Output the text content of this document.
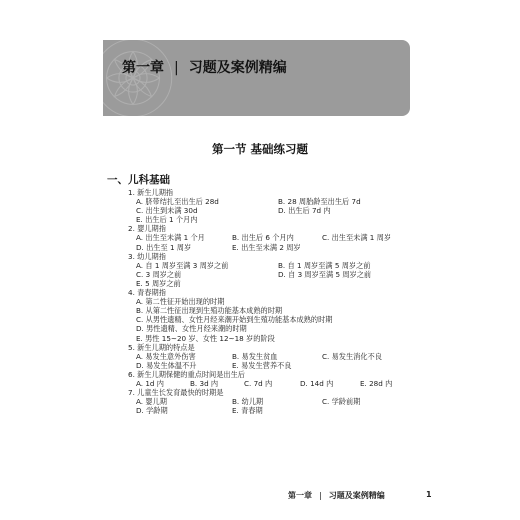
第一章 | 习题及案例精编
第一节 基础练习题
一、儿科基础
1. 新生儿期指
A. 脐带结扎至出生后 28d	B. 28 周胎龄至出生后 7d
C. 出生到未满 30d	D. 出生后 7d 内
E. 出生后 1 个月内
2. 婴儿期指
A. 出生至未满 1 个月	B. 出生后 6 个月内	C. 出生至未满 1 周岁
D. 出生至 1 周岁	E. 出生至未满 2 周岁
3. 幼儿期指
A. 自 1 周岁至满 3 周岁之前	B. 自 1 周岁至满 5 周岁之前
C. 3 周岁之前	D. 自 3 周岁至满 5 周岁之前
E. 5 周岁之前
4. 青春期指
A. 第二性征开始出现的时期
B. 从第二性征出现到生殖功能基本成熟的时期
C. 从男性遗精、女性月经来潮开始到生殖功能基本成熟的时期
D. 男性遗精、女性月经来潮的时期
E. 男性 15~20 岁、女性 12~18 岁的阶段
5. 新生儿期的特点是
A. 易发生意外伤害	B. 易发生贫血	C. 易发生消化不良
D. 易发生体温不升	E. 易发生营养不良
6. 新生儿期保健的重点时间是出生后
A. 1d 内	B. 3d 内	C. 7d 内	D. 14d 内	E. 28d 内
7. 儿童生长发育最快的时期是
A. 婴儿期	B. 幼儿期	C. 学龄前期
D. 学龄期	E. 青春期
第一章 | 习题及案例精编	1
